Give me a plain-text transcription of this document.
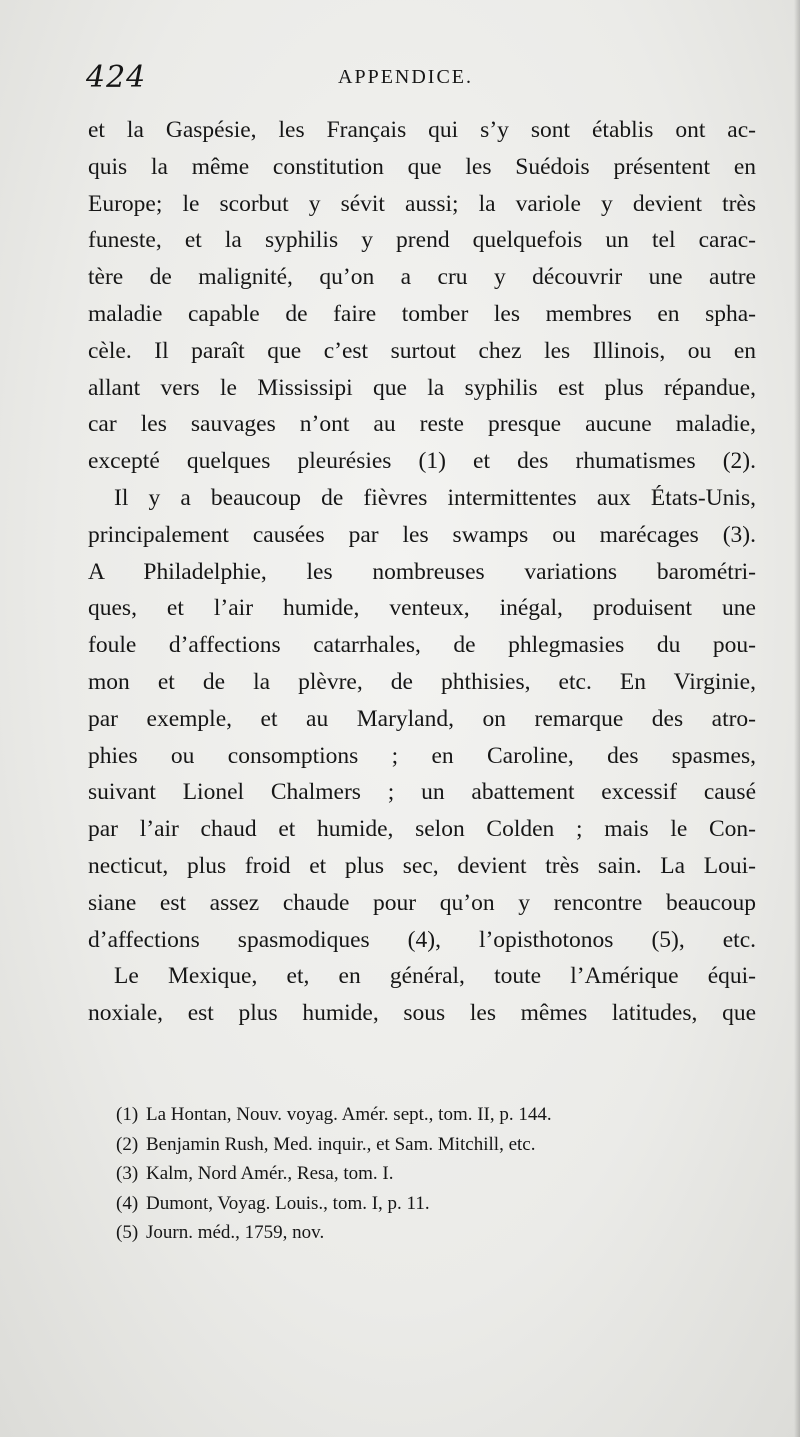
424	APPENDICE.
et la Gaspésie, les Français qui s’y sont établis ont ac-
quis la même constitution que les Suédois présentent en
Europe; le scorbut y sévit aussi; la variole y devient très
funeste, et la syphilis y prend quelquefois un tel carac-
tère de malignité, qu’on a cru y découvrir une autre
maladie capable de faire tomber les membres en spha-
cèle. Il paraît que c’est surtout chez les Illinois, ou en
allant vers le Mississipi que la syphilis est plus répandue,
car les sauvages n’ont au reste presque aucune maladie,
excepté quelques pleurésies (1) et des rhumatismes (2).
Il y a beaucoup de fièvres intermittentes aux États-Unis,
principalement causées par les swamps ou marécages (3).
A Philadelphie, les nombreuses variations barométri-
ques, et l’air humide, venteux, inégal, produisent une
foule d’affections catarrhales, de phlegmasies du pou-
mon et de la plèvre, de phthisies, etc. En Virginie,
par exemple, et au Maryland, on remarque des atro-
phies ou consomptions ; en Caroline, des spasmes,
suivant Lionel Chalmers ; un abattement excessif causé
par l’air chaud et humide, selon Colden ; mais le Con-
necticut, plus froid et plus sec, devient très sain. La Loui-
siane est assez chaude pour qu’on y rencontre beaucoup
d’affections spasmodiques (4), l’opisthotonos (5), etc.
Le Mexique, et, en général, toute l’Amérique équi-
noxiale, est plus humide, sous les mêmes latitudes, que
(1) La Hontan, Nouv. voyag. Amér. sept., tom. II, p. 144.
(2) Benjamin Rush, Med. inquir., et Sam. Mitchill, etc.
(3) Kalm, Nord Amér., Resa, tom. I.
(4) Dumont, Voyag. Louis., tom. I, p. 11.
(5) Journ. méd., 1759, nov.
